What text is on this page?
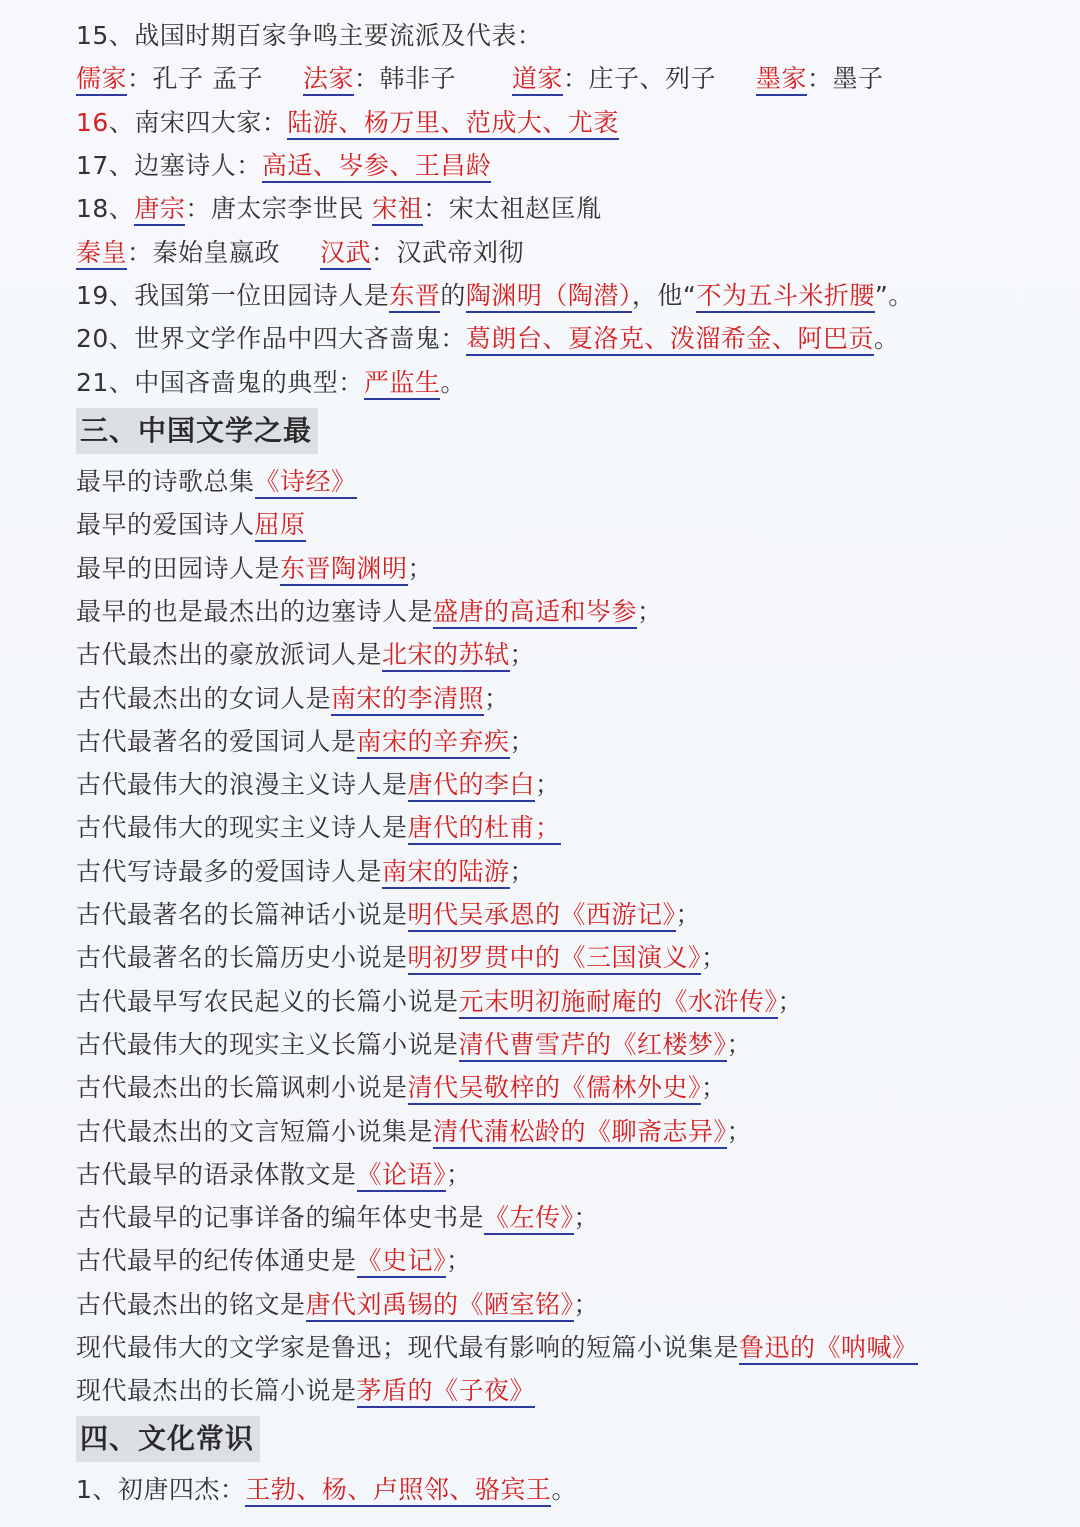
15、战国时期百家争鸣主要流派及代表：
儒家：孔子 孟子 法家：韩非子 道家：庄子、列子 墨家：墨子
16、南宋四大家：陆游、杨万里、范成大、尤袤
17、边塞诗人：高适、岑参、王昌龄
18、唐宗：唐太宗李世民 宋祖：宋太祖赵匡胤
秦皇：秦始皇嬴政 汉武：汉武帝刘彻
19、我国第一位田园诗人是东晋的陶渊明（陶潜），他“不为五斗米折腰”。
20、世界文学作品中四大吝啬鬼：葛朗台、夏洛克、泼溜希金、阿巴贡。
21、中国吝啬鬼的典型：严监生。
三、中国文学之最
最早的诗歌总集《诗经》
最早的爱国诗人屈原
最早的田园诗人是东晋陶渊明；
最早的也是最杰出的边塞诗人是盛唐的高适和岑参；
古代最杰出的豪放派词人是北宋的苏轼；
古代最杰出的女词人是南宋的李清照；
古代最著名的爱国词人是南宋的辛弃疾；
古代最伟大的浪漫主义诗人是唐代的李白；
古代最伟大的现实主义诗人是唐代的杜甫；
古代写诗最多的爱国诗人是南宋的陆游；
古代最著名的长篇神话小说是明代吴承恩的《西游记》；
古代最著名的长篇历史小说是明初罗贯中的《三国演义》；
古代最早写农民起义的长篇小说是元末明初施耐庵的《水浒传》；
古代最伟大的现实主义长篇小说是清代曹雪芹的《红楼梦》；
古代最杰出的长篇讽刺小说是清代吴敬梓的《儒林外史》；
古代最杰出的文言短篇小说集是清代蒲松龄的《聊斋志异》；
古代最早的语录体散文是《论语》；
古代最早的记事详备的编年体史书是《左传》；
古代最早的纪传体通史是《史记》；
古代最杰出的铭文是唐代刘禹锡的《陋室铭》；
现代最伟大的文学家是鲁迅；现代最有影响的短篇小说集是鲁迅的《呐喊》
现代最杰出的长篇小说是茅盾的《子夜》
四、文化常识
1、初唐四杰：王勃、杨、卢照邻、骆宾王。
